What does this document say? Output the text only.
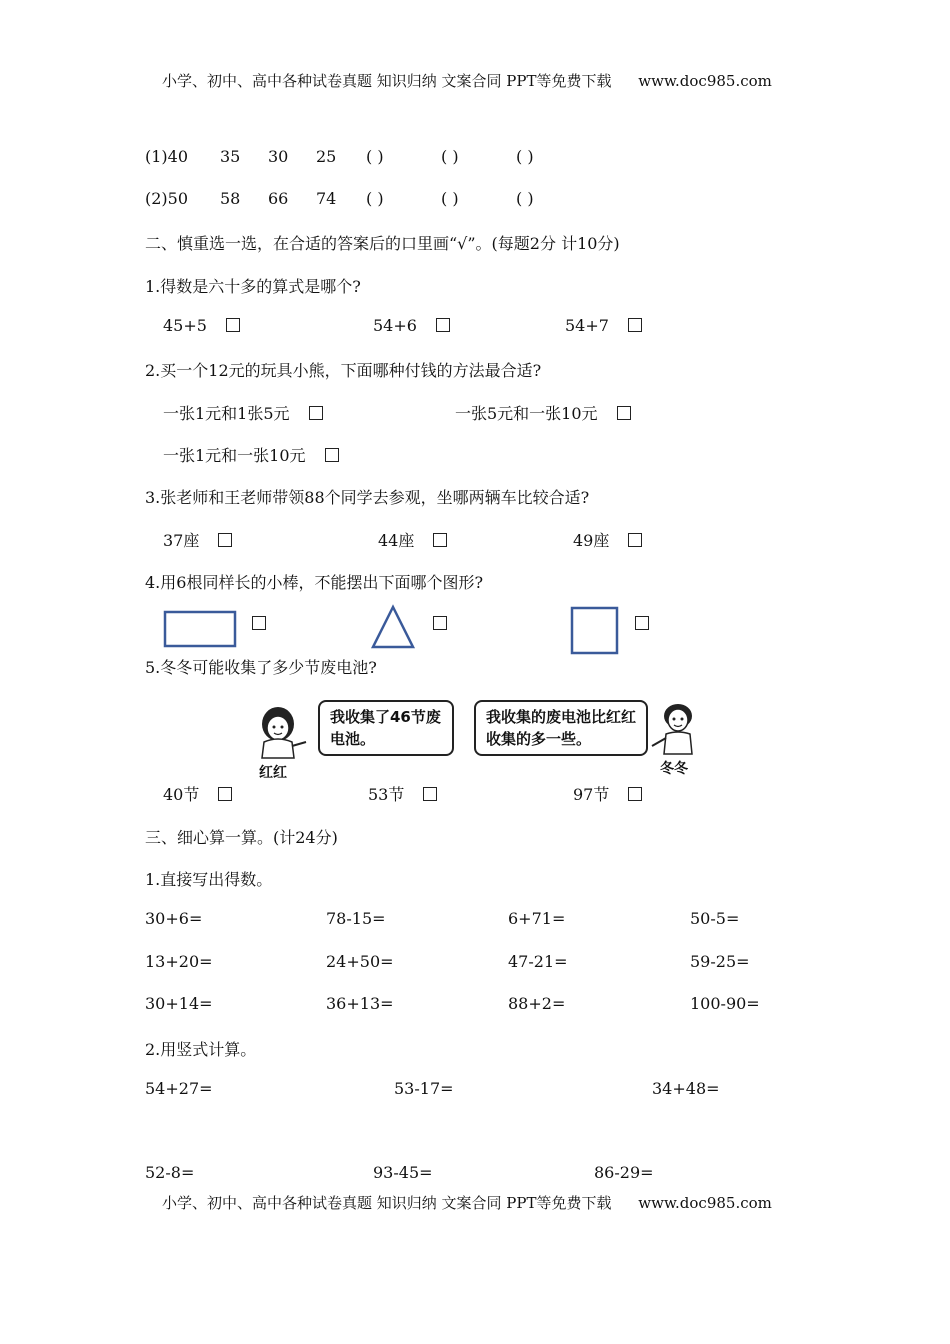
小学、初中、高中各种试卷真题 知识归纳 文案合同 PPT等免费下载 www.doc985.com
(1)40 35 30 25 ( )	( )	( )
(2)50 58 66 74 ( )	( )	( )
二、慎重选一选，在合适的答案后的口里画“√”。(每题2分 计10分)
1.得数是六十多的算式是哪个?
45+5	54+6	54+7
2.买一个12元的玩具小熊，下面哪种付钱的方法最合适?
一张1元和1张5元	一张5元和一张10元
一张1元和一张10元
3.张老师和王老师带领88个同学去参观，坐哪两辆车比较合适?
37座	44座	49座
4.用6根同样长的小棒，不能摆出下面哪个图形?
5.冬冬可能收集了多少节废电池?
红红
我收集了46节废电池。
我收集的废电池比红红收集的多一些。
冬冬
40节	53节	97节
三、细心算一算。(计24分)
1.直接写出得数。
30+6=	78-15=	6+71=	50-5=
13+20=	24+50=	47-21=	59-25=
30+14=	36+13=	88+2=	100-90=
2.用竖式计算。
54+27=	53-17=	34+48=
52-8=	93-45=	86-29=
小学、初中、高中各种试卷真题 知识归纳 文案合同 PPT等免费下载 www.doc985.com
